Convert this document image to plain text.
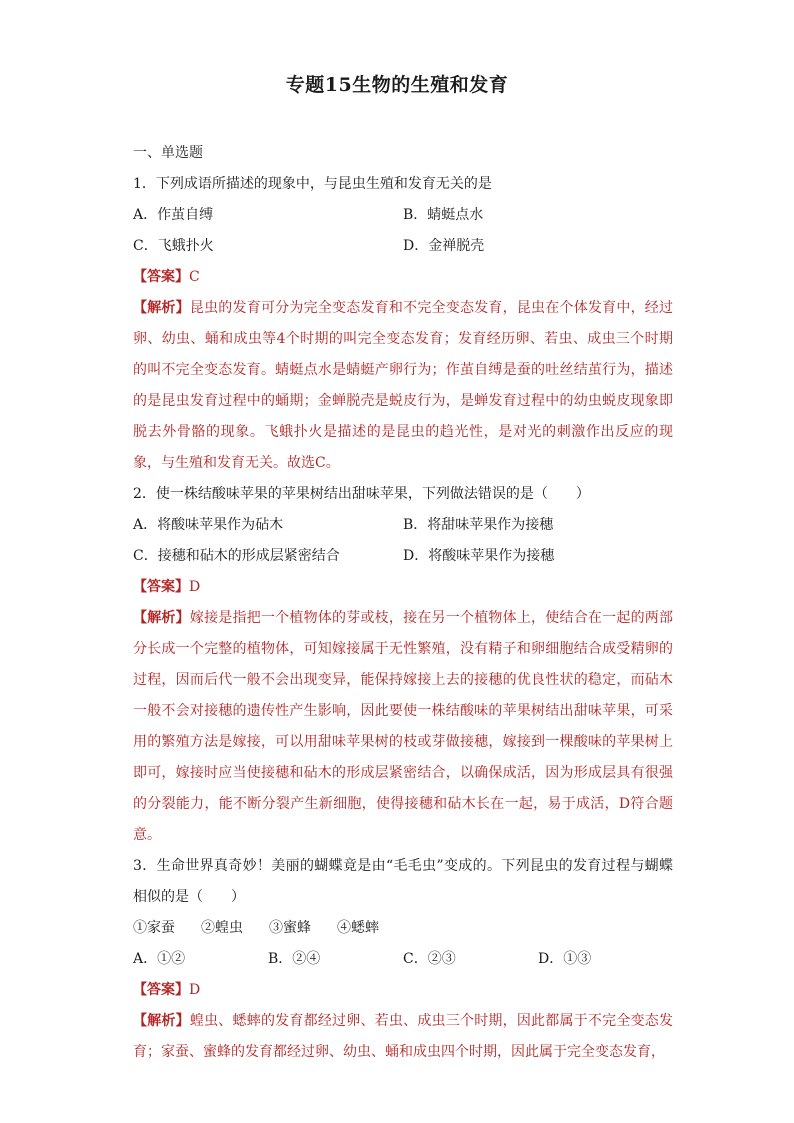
专题15生物的生殖和发育
一、单选题
1．下列成语所描述的现象中，与昆虫生殖和发育无关的是
A．作茧自缚	B．蜻蜓点水
C．飞蛾扑火	D．金禅脱壳
【答案】C
【解析】昆虫的发育可分为完全变态发育和不完全变态发育，昆虫在个体发育中，经过卵、幼虫、蛹和成虫等4个时期的叫完全变态发育；发育经历卵、若虫、成虫三个时期的叫不完全变态发育。蜻蜓点水是蜻蜓产卵行为；作茧自缚是蚕的吐丝结茧行为，描述的是昆虫发育过程中的蛹期；金蝉脱壳是蜕皮行为，是蝉发育过程中的幼虫蜕皮现象即脱去外骨骼的现象。飞蛾扑火是描述的是昆虫的趋光性，是对光的刺激作出反应的现象，与生殖和发育无关。故选C。
2．使一株结酸味苹果的苹果树结出甜味苹果，下列做法错误的是（　　）
A．将酸味苹果作为砧木	B．将甜味苹果作为接穗
C．接穗和砧木的形成层紧密结合	D．将酸味苹果作为接穗
【答案】D
【解析】嫁接是指把一个植物体的芽或枝，接在另一个植物体上，使结合在一起的两部分长成一个完整的植物体，可知嫁接属于无性繁殖，没有精子和卵细胞结合成受精卵的过程，因而后代一般不会出现变异，能保持嫁接上去的接穗的优良性状的稳定，而砧木一般不会对接穗的遗传性产生影响，因此要使一株结酸味的苹果树结出甜味苹果，可采用的繁殖方法是嫁接，可以用甜味苹果树的枝或芽做接穗，嫁接到一棵酸味的苹果树上即可，嫁接时应当使接穗和砧木的形成层紧密结合，以确保成活，因为形成层具有很强的分裂能力，能不断分裂产生新细胞，使得接穗和砧木长在一起，易于成活，D符合题意。
3．生命世界真奇妙！美丽的蝴蝶竟是由“毛毛虫”变成的。下列昆虫的发育过程与蝴蝶相似的是（　　）
①家蚕 ②蝗虫 ③蜜蜂 ④蟋蟀
A．①②	B．②④	C．②③	D．①③
【答案】D
【解析】蝗虫、蟋蟀的发育都经过卵、若虫、成虫三个时期，因此都属于不完全变态发育；家蚕、蜜蜂的发育都经过卵、幼虫、蛹和成虫四个时期，因此属于完全变态发育，
